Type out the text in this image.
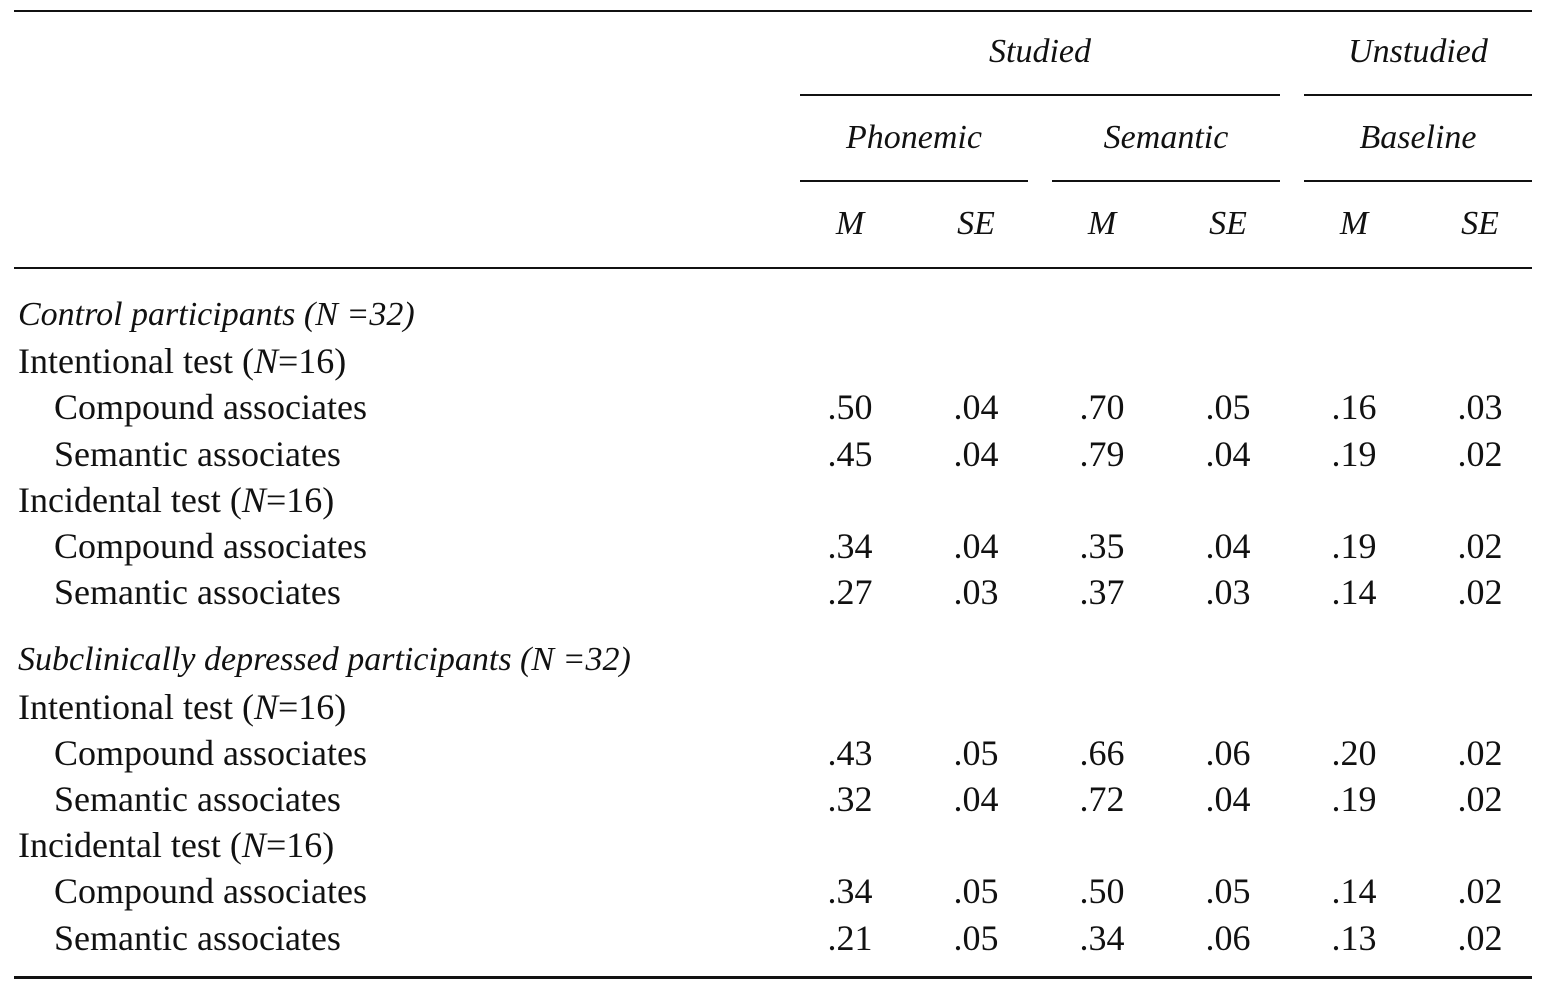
Studied	Unstudied
Phonemic	Semantic	Baseline
M	SE	M	SE	M	SE
Control participants (N =32)
Intentional test (N=16)
Compound associates	.50	.04	.70	.05	.16	.03
Semantic associates	.45	.04	.79	.04	.19	.02
Incidental test (N=16)
Compound associates	.34	.04	.35	.04	.19	.02
Semantic associates	.27	.03	.37	.03	.14	.02
Subclinically depressed participants (N =32)
Intentional test (N=16)
Compound associates	.43	.05	.66	.06	.20	.02
Semantic associates	.32	.04	.72	.04	.19	.02
Incidental test (N=16)
Compound associates	.34	.05	.50	.05	.14	.02
Semantic associates	.21	.05	.34	.06	.13	.02
